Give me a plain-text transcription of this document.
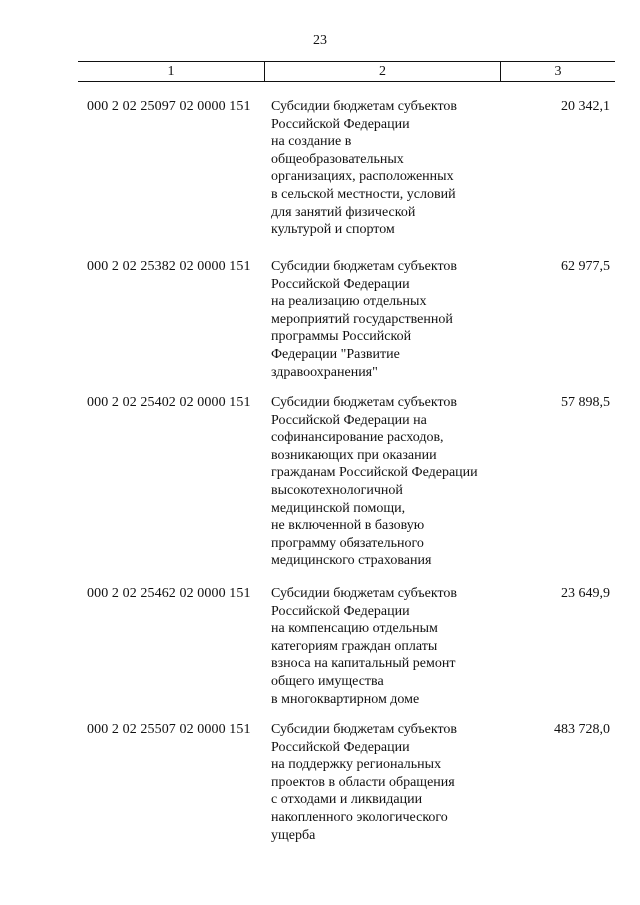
23
1	2	3
000 2 02 25097 02 0000 151 Субсидии бюджетам субъектов
Российской Федерации
на создание в
общеобразовательных
организациях, расположенных
в сельской местности, условий
для занятий физической
культурой и спортом
20 342,1
000 2 02 25382 02 0000 151 Субсидии бюджетам субъектов
Российской Федерации
на реализацию отдельных
мероприятий государственной
программы Российской
Федерации "Развитие
здравоохранения"
62 977,5
000 2 02 25402 02 0000 151 Субсидии бюджетам субъектов
Российской Федерации на
софинансирование расходов,
возникающих при оказании
гражданам Российской Федерации
высокотехнологичной
медицинской помощи,
не включенной в базовую
программу обязательного
медицинского страхования
57 898,5
000 2 02 25462 02 0000 151 Субсидии бюджетам субъектов
Российской Федерации
на компенсацию отдельным
категориям граждан оплаты
взноса на капитальный ремонт
общего имущества
в многоквартирном доме
23 649,9
000 2 02 25507 02 0000 151 Субсидии бюджетам субъектов
Российской Федерации
на поддержку региональных
проектов в области обращения
с отходами и ликвидации
накопленного экологического
ущерба
483 728,0
